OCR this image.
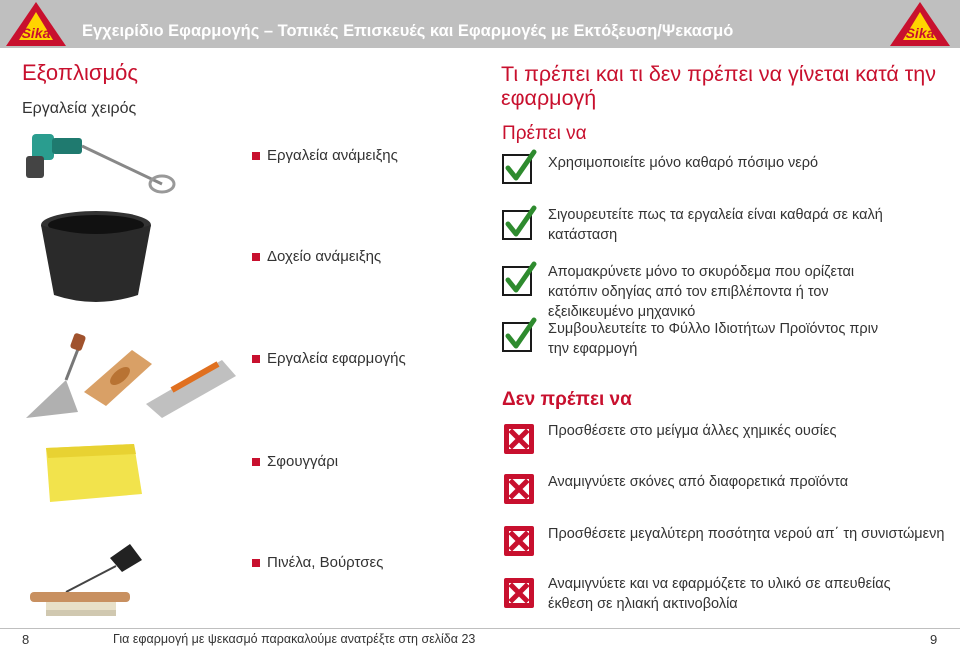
Sika Εγχειρίδιο Εφαρμογής – Τοπικές Επισκευές και Εφαρμογές με Εκτόξευση/Ψεκασμό	Sika
Εξοπλισμός
Εργαλεία χειρός
Εργαλεία ανάμειξης
Δοχείο ανάμειξης
Εργαλεία εφαρμογής
Σφουγγάρι
Πινέλα, Βούρτσες
Τι πρέπει και τι δεν πρέπει να γίνεται κατά την εφαρμογή
Πρέπει να
Χρησιμοποιείτε μόνο καθαρό πόσιμο νερό
Σιγουρευτείτε πως τα εργαλεία είναι καθαρά σε καλή κατάσταση
Απομακρύνετε μόνο το σκυρόδεμα που ορίζεται κατόπιν οδηγίας από τον επιβλέποντα ή τον εξειδικευμένο μηχανικό
Συμβουλευτείτε το Φύλλο Ιδιοτήτων Προϊόντος πριν την εφαρμογή
Δεν πρέπει να
Προσθέσετε στο μείγμα άλλες χημικές ουσίες
Αναμιγνύετε σκόνες από διαφορετικά προϊόντα
Προσθέσετε μεγαλύτερη ποσότητα νερού απ΄ τη συνιστώμενη
Αναμιγνύετε και να εφαρμόζετε το υλικό σε απευθείας έκθεση σε ηλιακή ακτινοβολία
8	Για εφαρμογή με ψεκασμό παρακαλούμε ανατρέξτε στη σελίδα 23	9
